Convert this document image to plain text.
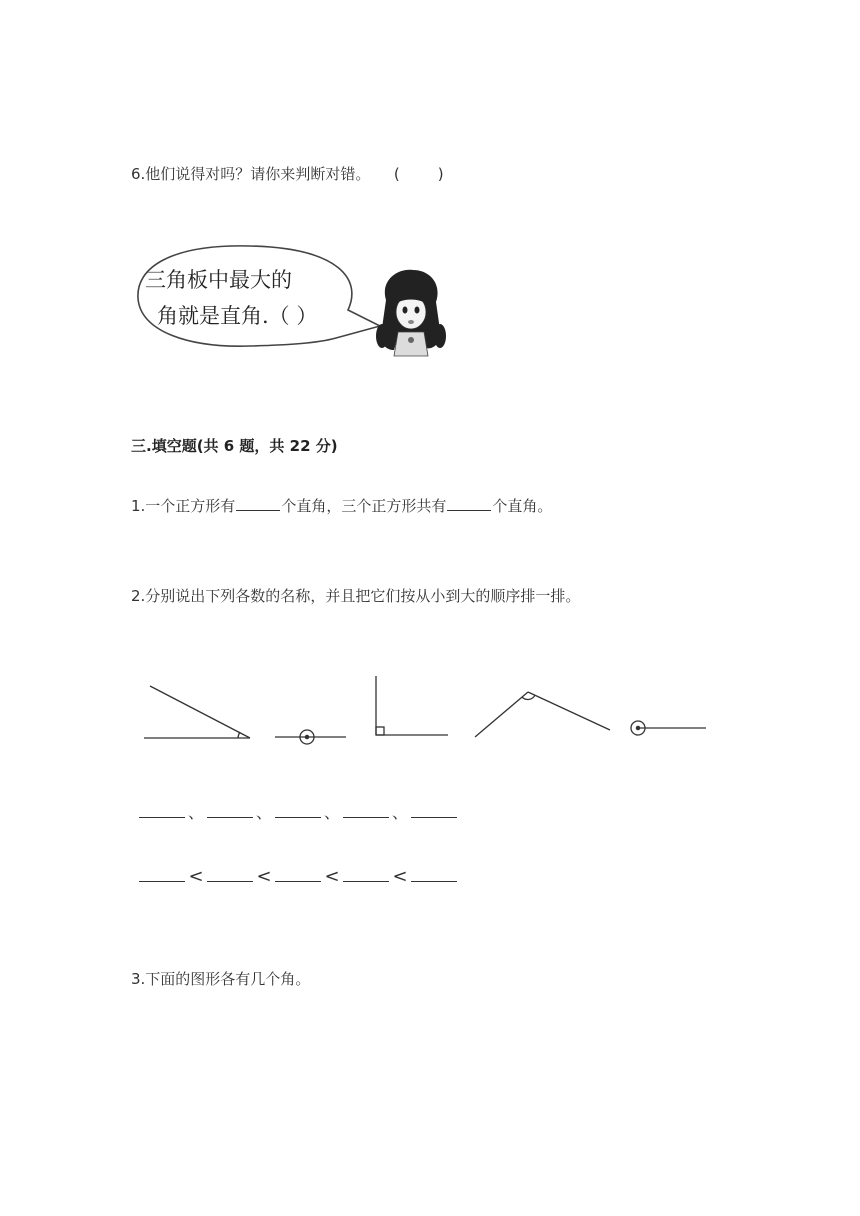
6.他们说得对吗？请你来判断对错。 (	)
三角板中最大的
角就是直角.（ ）
三.填空题(共 6 题，共 22 分)
1.一个正方形有	个直角，三个正方形共有	个直角。
2.分别说出下列各数的名称，并且把它们按从小到大的顺序排一排。
、	、	、	、
<	<	<	<
3.下面的图形各有几个角。
